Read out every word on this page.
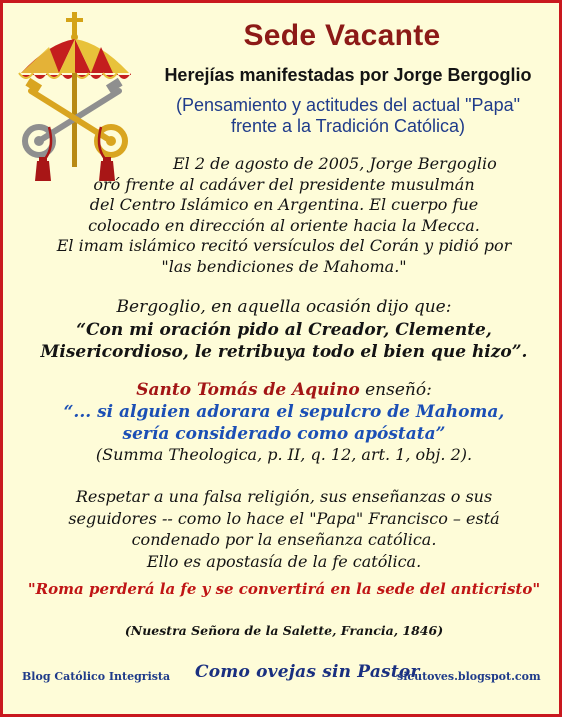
Sede Vacante
Herejías manifestadas por Jorge Bergoglio
(Pensamiento y actitudes del actual "Papa"
frente a la Tradición Católica)
El 2 de agosto de 2005, Jorge Bergoglio
oró frente al cadáver del presidente musulmán
del Centro Islámico en Argentina. El cuerpo fue
colocado en dirección al oriente hacia la Mecca.
El imam islámico recitó versículos del Corán y pidió por
"las bendiciones de Mahoma."
Bergoglio, en aquella ocasión dijo que:
“Con mi oración pido al Creador, Clemente,
Misericordioso, le retribuya todo el bien que hizo”.
Santo Tomás de Aquino enseñó:
“... si alguien adorara el sepulcro de Mahoma,
sería considerado como apóstata”
(Summa Theologica, p. II, q. 12, art. 1, obj. 2).
Respetar a una falsa religión, sus enseñanzas o sus
seguidores -- como lo hace el "Papa" Francisco – está
condenado por la enseñanza católica.
Ello es apostasía de la fe católica.
"Roma perderá la fe y se convertirá en la sede del anticristo"
(Nuestra Señora de la Salette, Francia, 1846)
Blog Católico Integrista Como ovejas sin Pastor
sicutoves.blogspot.com
